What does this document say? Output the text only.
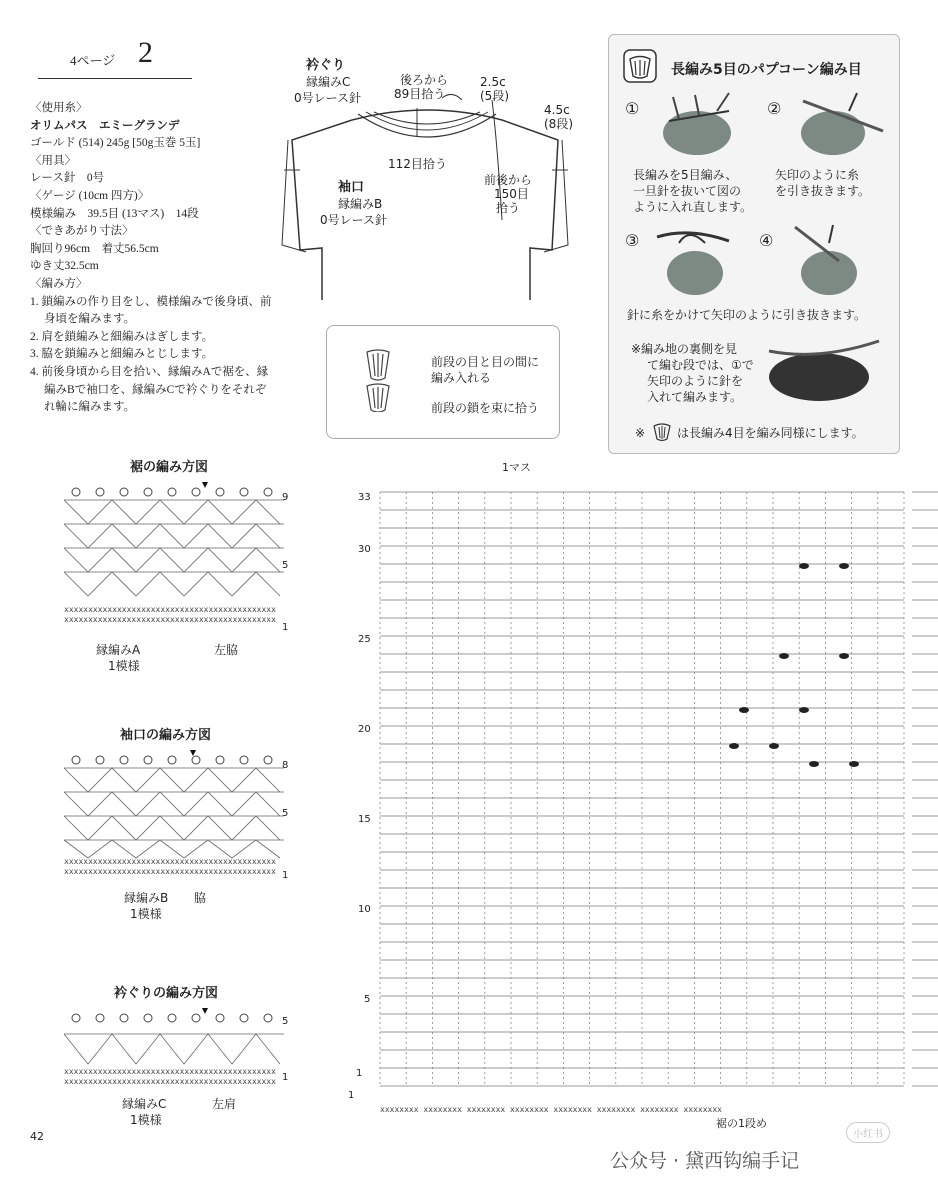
4ページ 2
〈使用糸〉
オリムパス　エミーグランデ
ゴールド (514) 245g [50g玉巻 5玉]
〈用具〉
レース針　0号
〈ゲージ (10cm 四方)〉
模様編み　39.5目 (13マス)　14段
〈できあがり寸法〉
胸回り96cm　着丈56.5cm
ゆき丈32.5cm
〈編み方〉
1. 鎖編みの作り目をし、模様編みで後身頃、前身頃を編みます。
2. 肩を鎖編みと細編みはぎします。
3. 脇を鎖編みと細編みとじします。
4. 前後身頃から目を拾い、縁編みAで裾を、縁編みBで袖口を、縁編みCで衿ぐりをそれぞれ輪に編みます。
衿ぐり
縁編みC
0号レース針
後ろから
89目拾う
2.5c
(5段)
4.5c
(8段)
112目拾う
袖口
縁編みB
0号レース針
前後から
150目
拾う
前段の目と目の間に
編み入れる
前段の鎖を束に拾う
長編み5目のパプコーン編み目
①	②
長編みを5目編み、
一旦針を抜いて図の
ように入れ直します。
矢印のように糸
を引き抜きます。
③	④
針に糸をかけて矢印のように引き抜きます。
※編み地の裏側を見
て編む段では、①で
矢印のように針を
入れて編みます。
※	は長編み4目を編み同様にします。
裾の編み方図
xxxxxxxxxxxxxxxxxxxxxxxxxxxxxxxxxxxxxxxxxxxx
xxxxxxxxxxxxxxxxxxxxxxxxxxxxxxxxxxxxxxxxxxxx
9
5
1
縁編みA
1模様
左脇
袖口の編み方図
xxxxxxxxxxxxxxxxxxxxxxxxxxxxxxxxxxxxxxxxxxxx
xxxxxxxxxxxxxxxxxxxxxxxxxxxxxxxxxxxxxxxxxxxx
8
5
1
縁編みB
1模様
脇
衿ぐりの編み方図
xxxxxxxxxxxxxxxxxxxxxxxxxxxxxxxxxxxxxxxxxxxx
xxxxxxxxxxxxxxxxxxxxxxxxxxxxxxxxxxxxxxxxxxxx
5
1
縁編みC
1模様
左肩
1マス
xxxxxxxx xxxxxxxx xxxxxxxx xxxxxxxx xxxxxxxx xxxxxxxx xxxxxxxx xxxxxxxx
33
30
25
20
15
10
5
1
1
裾の1段め
42	小红书
公众号 · 黛西钩编手记
